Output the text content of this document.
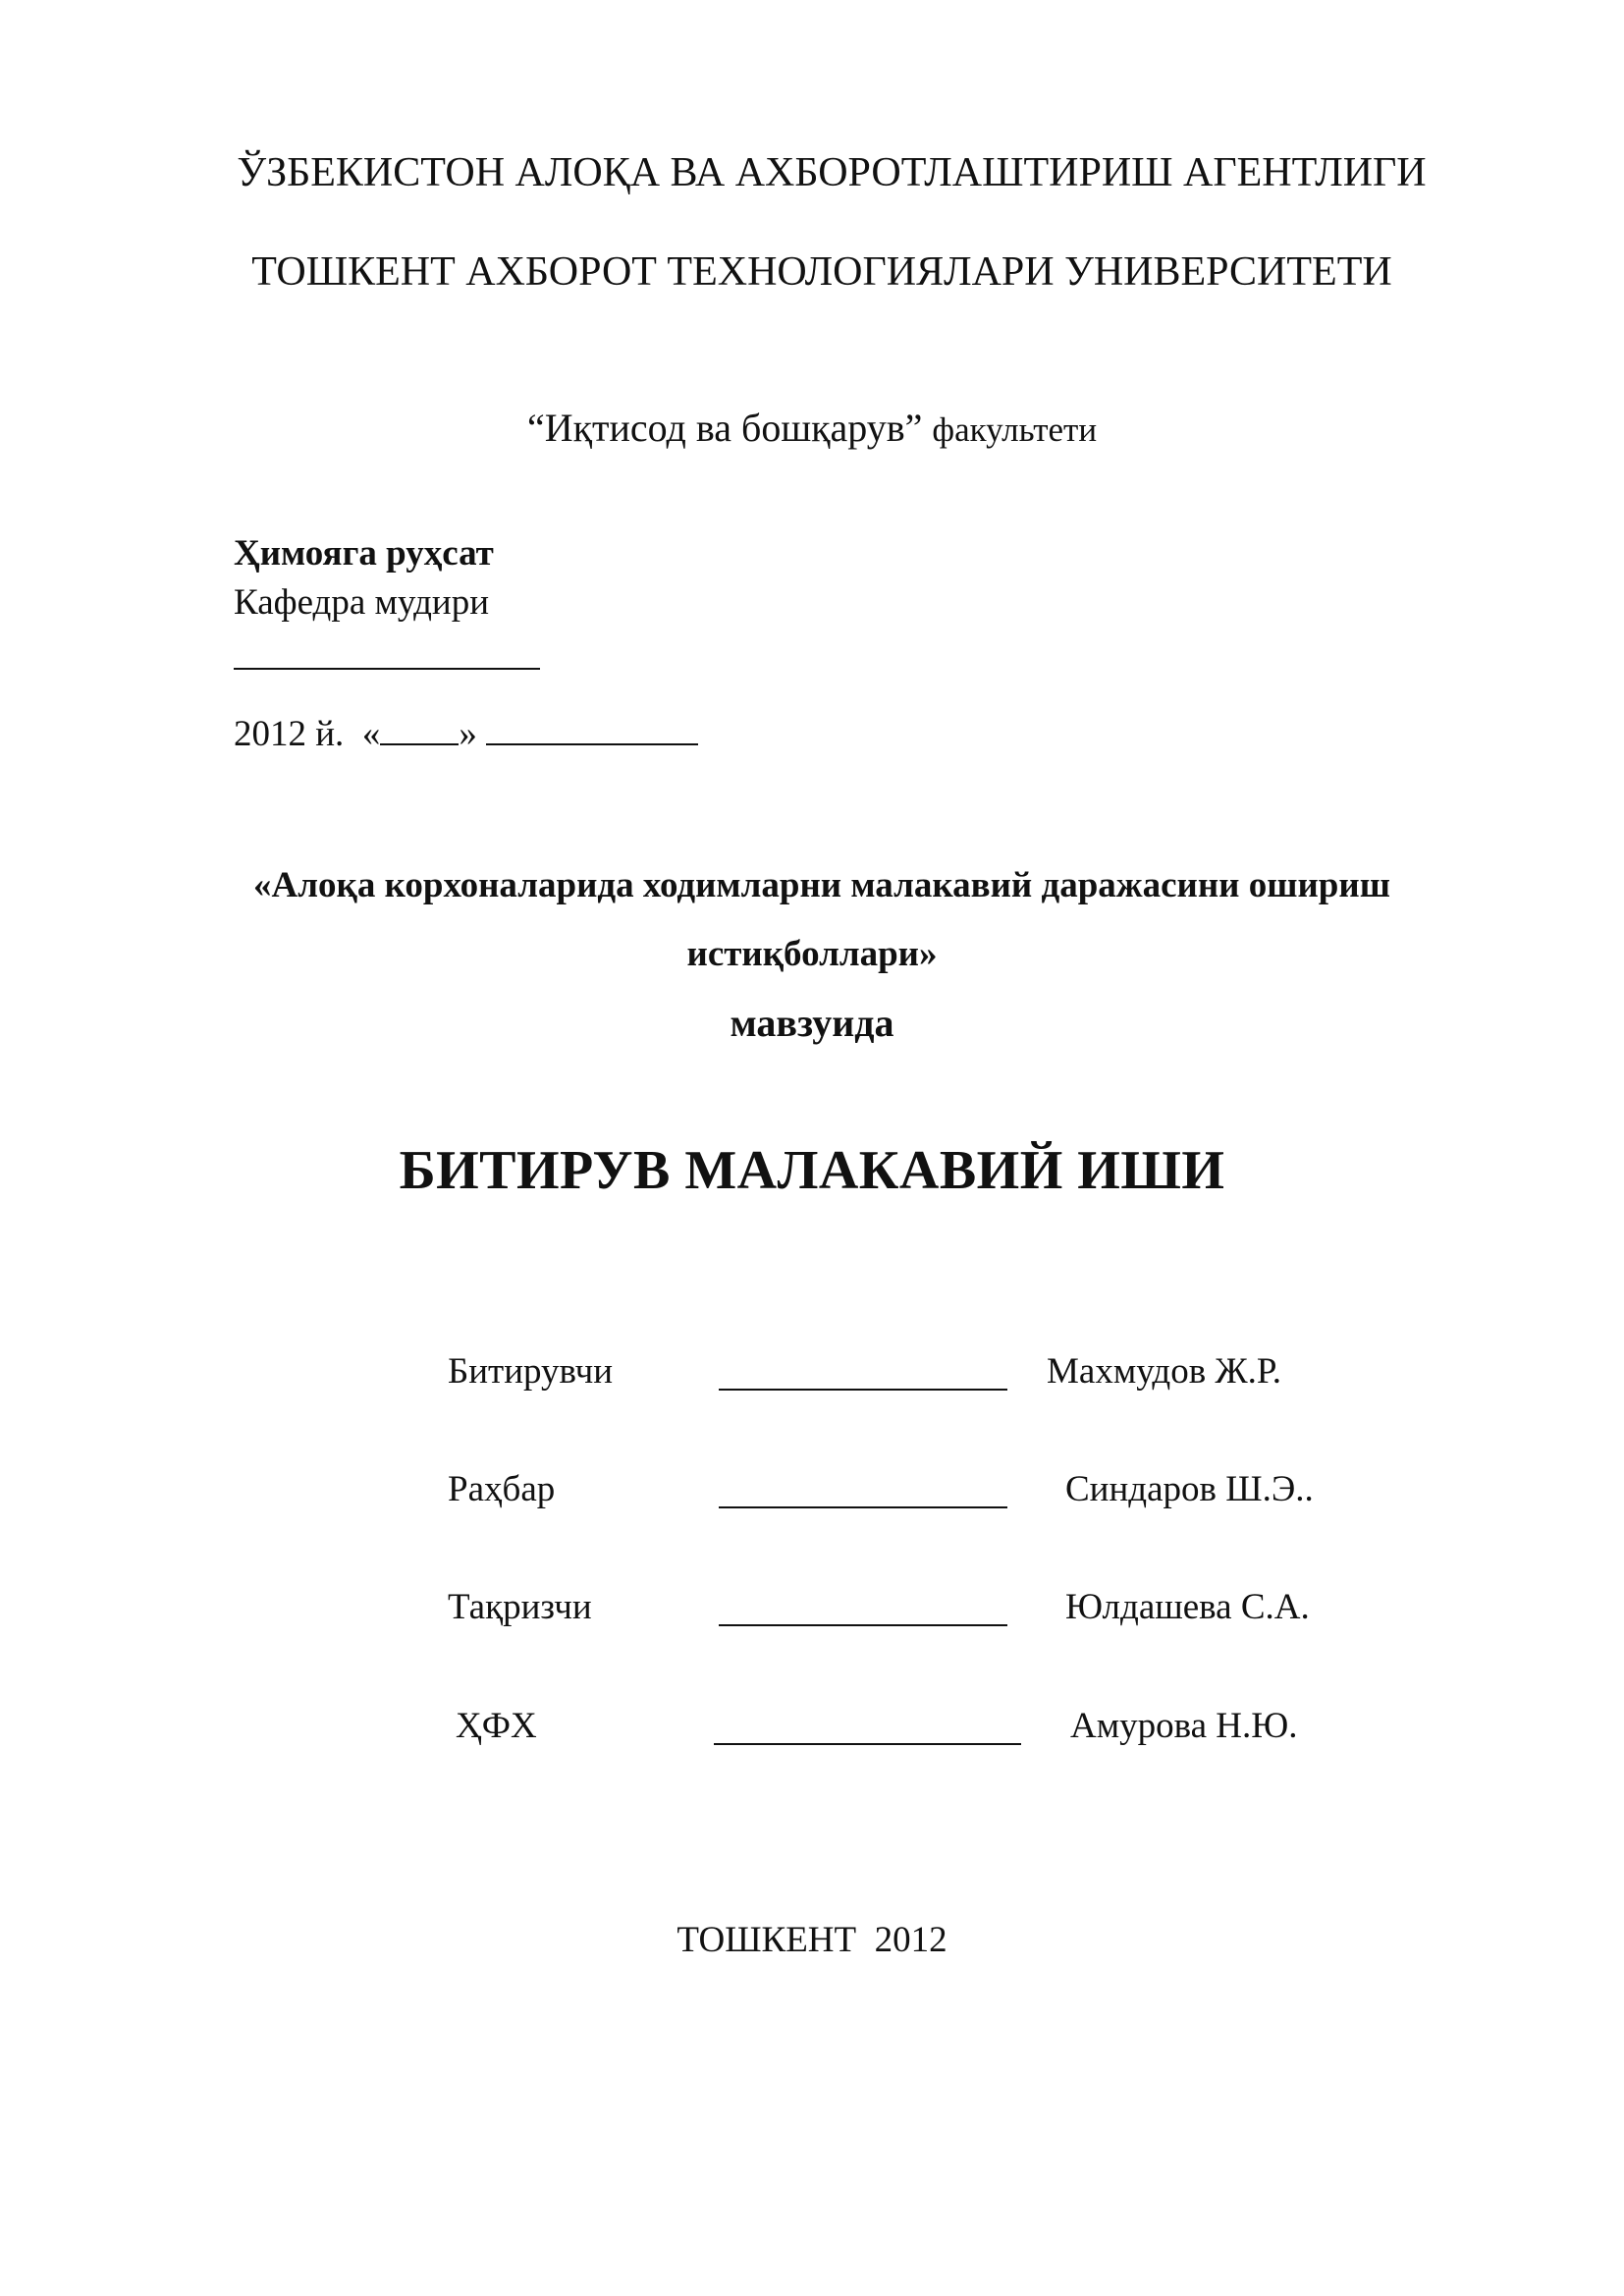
ЎЗБЕКИСТОН АЛОҚА ВА АХБОРОТЛАШТИРИШ АГЕНТЛИГИ
ТОШКЕНТ АХБОРОТ ТЕХНОЛОГИЯЛАРИ УНИВЕРСИТЕТИ
“Иқтисод ва бошқарув” факультети
Ҳимояга руҳсат
Кафедра мудири
2012 й. « »
«Алоқа корхоналарида ходимларни малакавий даражасини ошириш
истиқболлари»
мавзуида
БИТИРУВ МАЛАКАВИЙ ИШИ
Битирувчи	Махмудов Ж.Р.
Раҳбар	Синдаров Ш.Э..
Тақризчи	Юлдашева С.А.
ҲФХ	Амурова Н.Ю.
ТОШКЕНТ 2012
